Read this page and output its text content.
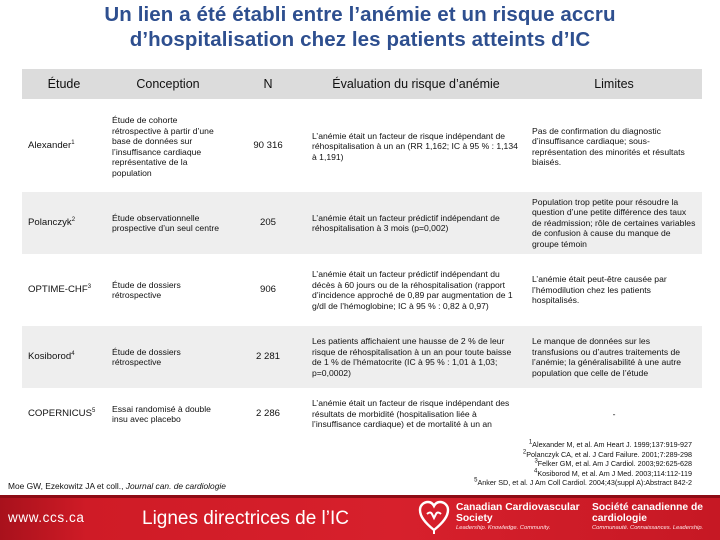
Un lien a été établi entre l’anémie et un risque accru
d’hospitalisation chez les patients atteints d’IC
Étude	Conception	N	Évaluation du risque d’anémie	Limites
Alexander$^1$	Étude de cohorte rétrospective à partir d’une base de données sur l’insuffisance cardiaque représentative de la population	90 316	L’anémie était un facteur de risque indépendant de réhospitalisation à un an (RR 1,162; IC à 95 % : 1,134 à 1,191)	Pas de confirmation du diagnostic d’insuffisance cardiaque; sous-représentation des minorités et résultats biaisés.
Polanczyk$^2$	Étude observationnelle prospective d’un seul centre	205	L’anémie était un facteur prédictif indépendant de réhospitalisation à 3 mois (p=0,002)	Population trop petite pour résoudre la question d’une petite différence des taux de réadmission; rôle de certaines variables de confusion à cause du manque de groupe témoin
OPTIME-CHF$^3$	Étude de dossiers rétrospective	906	L’anémie était un facteur prédictif indépendant du décès à 60 jours ou de la réhospitalisation (rapport d’incidence approché de 0,89 par augmentation de 1 g/dl de l’hémoglobine; IC à 95 % : 0,82 à 0,97)	L’anémie était peut-être causée par l’hémodilution chez les patients hospitalisés.
Kosiborod$^4$	Étude de dossiers rétrospective	2 281	Les patients affichaient une hausse de 2 % de leur risque de réhospitalisation à un an pour toute baisse de 1 % de l’hématocrite (IC à 95 % : 1,01 à 1,03; p=0,0002)	Le manque de données sur les transfusions ou d’autres traitements de l’anémie; la généralisabilité à une autre population que celle de l’étude
COPERNICUS$^5$	Essai randomisé à double insu avec placebo	2 286	L’anémie était un facteur de risque indépendant des résultats de morbidité (hospitalisation liée à l’insuffisance cardiaque) et de mortalité à un an	-
$^1$Alexander M, et al. Am Heart J. 1999;137:919-927
$^2$Polanczyk CA, et al. J Card Failure. 2001;7:289-298
$^3$Felker GM, et al. Am J Cardiol. 2003;92:625-628
$^4$Kosiborod M, et al. Am J Med. 2003;114:112-119
$^5$Anker SD, et al. J Am Coll Cardiol. 2004;43(suppl A):Abstract 842-2
Moe GW, Ezekowitz JA et coll., Journal can. de cardiologie
www.ccs.ca	Lignes directrices de l’IC
Canadian Cardiovascular Society
Leadership. Knowledge. Community.
Société canadienne de cardiologie
Communauté. Connaissances. Leadership.
